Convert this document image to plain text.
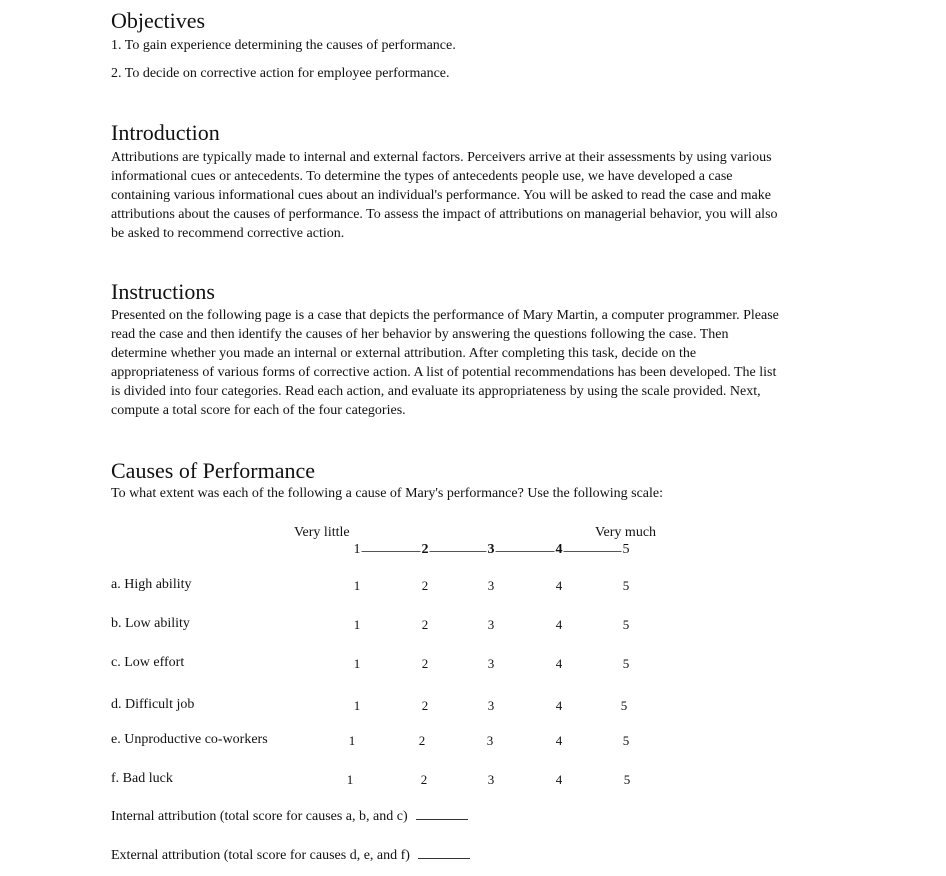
Objectives
1. To gain experience determining the causes of performance.
2. To decide on corrective action for employee performance.
Introduction
Attributions are typically made to internal and external factors. Perceivers arrive at their assessments by using various
informational cues or antecedents. To determine the types of antecedents people use, we have developed a case
containing various informational cues about an individual's performance. You will be asked to read the case and make
attributions about the causes of performance. To assess the impact of attributions on managerial behavior, you will also
be asked to recommend corrective action.
Instructions
Presented on the following page is a case that depicts the performance of Mary Martin, a computer programmer. Please
read the case and then identify the causes of her behavior by answering the questions following the case. Then
determine whether you made an internal or external attribution. After completing this task, decide on the
appropriateness of various forms of corrective action. A list of potential recommendations has been developed. The list
is divided into four categories. Read each action, and evaluate its appropriateness by using the scale provided. Next,
compute a total score for each of the four categories.
Causes of Performance
To what extent was each of the following a cause of Mary's performance? Use the following scale:
Very little	Very much
1	2	3	4	5
a. High ability	1	2	3	4	5
b. Low ability	1	2	3	4	5
c. Low effort	1	2	3	4	5
d. Difficult job	1	2	3	4	5
e. Unproductive co-workers	1	2	3	4	5
f. Bad luck	1	2	3	4	5
Internal attribution (total score for causes a, b, and c)
External attribution (total score for causes d, e, and f)
